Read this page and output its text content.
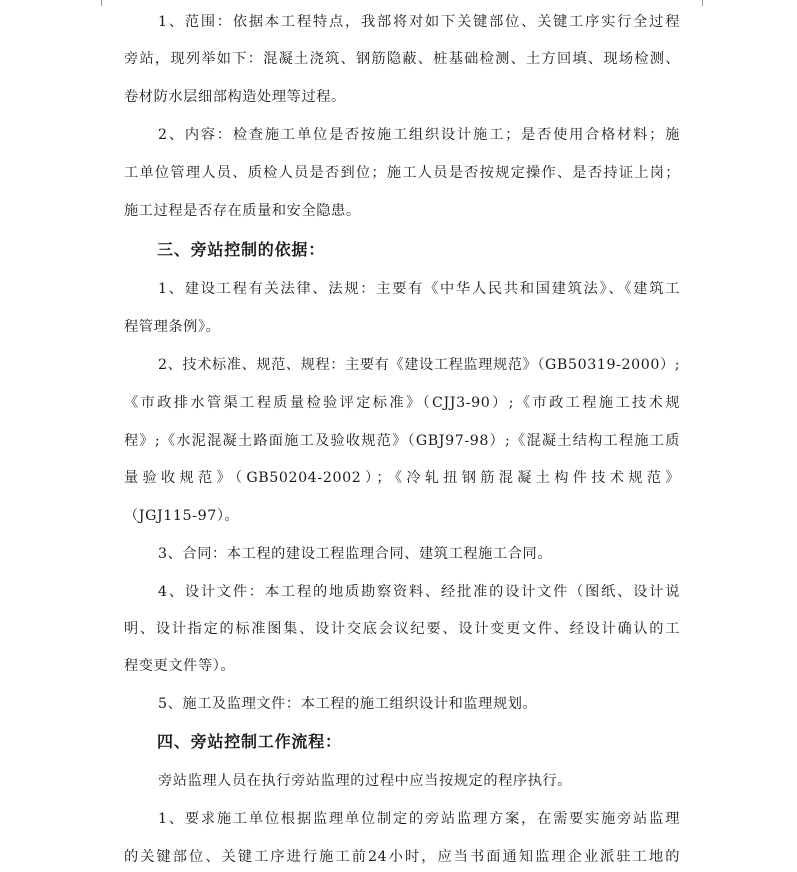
1、范围：依据本工程特点，我部将对如下关键部位、关键工序实行全过程
旁站，现列举如下：混凝土浇筑、钢筋隐蔽、桩基础检测、土方回填、现场检测、
卷材防水层细部构造处理等过程。
2、内容：检查施工单位是否按施工组织设计施工；是否使用合格材料；施
工单位管理人员、质检人员是否到位；施工人员是否按规定操作、是否持证上岗；
施工过程是否存在质量和安全隐患。
三、旁站控制的依据：
1、建设工程有关法律、法规：主要有《中华人民共和国建筑法》、《建筑工
程管理条例》。
2、技术标准、规范、规程：主要有《建设工程监理规范》（GB50319-2000）;
《市政排水管渠工程质量检验评定标准》（CJJ3-90）;《市政工程施工技术规
程》;《水泥混凝土路面施工及验收规范》（GBJ97-98）;《混凝土结构工程施工质
量验收规范》（GB50204-2002）；《冷轧扭钢筋混凝土构件技术规范》
（JGJ115-97）。
3、合同：本工程的建设工程监理合同、建筑工程施工合同。
4、设计文件：本工程的地质勘察资料、经批准的设计文件（图纸、设计说
明、设计指定的标准图集、设计交底会议纪要、设计变更文件、经设计确认的工
程变更文件等）。
5、施工及监理文件：本工程的施工组织设计和监理规划。
四、旁站控制工作流程：
旁站监理人员在执行旁站监理的过程中应当按规定的程序执行。
1、要求施工单位根据监理单位制定的旁站监理方案，在需要实施旁站监理
的关键部位、关键工序进行施工前24小时，应当书面通知监理企业派驻工地的
